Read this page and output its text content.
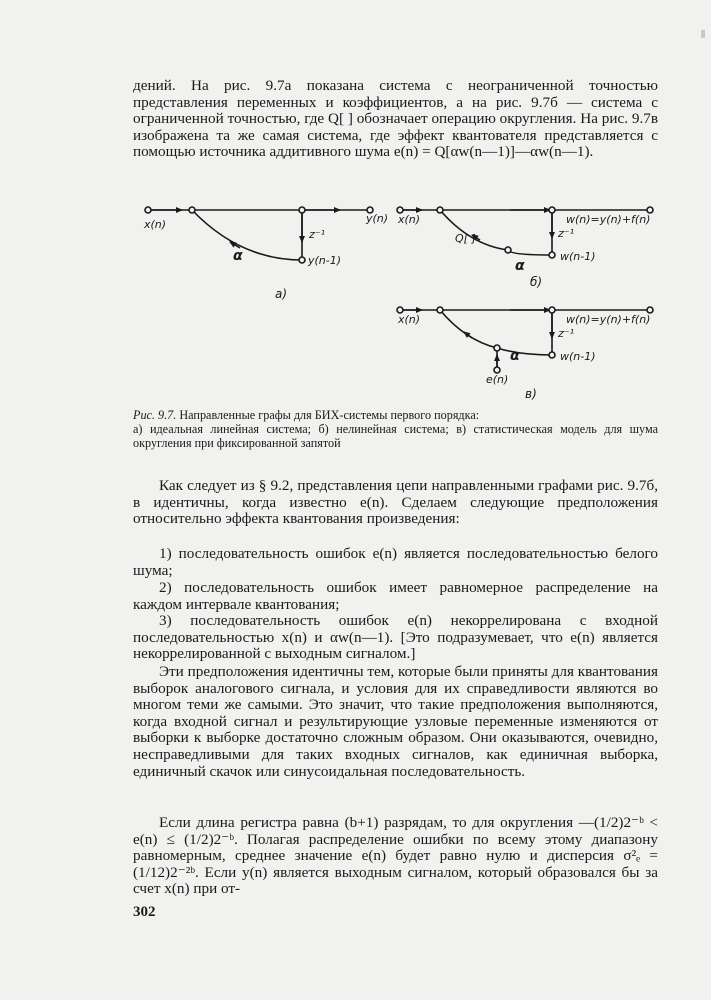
дений. На рис. 9.7а показана система с неограниченной точностью представления переменных и коэффициентов, а на рис. 9.7б — система с ограниченной точностью, где Q[ ] обозначает операцию округления. На рис. 9.7в изображена та же самая система, где эффект квантователя представляется с помощью источника аддитивного шума e(n) = Q[αw(n—1)]—αw(n—1).

x(n)	y(n)
z⁻¹
y(n-1)
α
а)
x(n)	w(n)=y(n)+f(n)
z⁻¹
w(n-1)
Q[ ]
α
б)
x(n)	w(n)=y(n)+f(n)
z⁻¹
w(n-1)
e(n)
α
в)
Рис. 9.7. Направленные графы для БИХ-системы первого порядка:
а) идеальная линейная система; б) нелинейная система; в) статистическая модель для шума округления при фиксированной запятой

Как следует из § 9.2, представления цепи направленными графами рис. 9.7б, в идентичны, когда известно e(n). Сделаем следующие предположения относительно эффекта квантования произведения:

1) последовательность ошибок e(n) является последовательностью белого шума;

2) последовательность ошибок имеет равномерное распределение на каждом интервале квантования;

3) последовательность ошибок e(n) некоррелирована с входной последовательностью x(n) и αw(n—1). [Это подразумевает, что e(n) является некоррелированной с выходным сигналом.]

Эти предположения идентичны тем, которые были приняты для квантования выборок аналогового сигнала, и условия для их справедливости являются во многом теми же самыми. Это значит, что такие предположения выполняются, когда входной сигнал и результирующие узловые переменные изменяются от выборки к выборке достаточно сложным образом. Они оказываются, очевидно, несправедливыми для таких входных сигналов, как единичная выборка, единичный скачок или синусоидальная последовательность.

Если длина регистра равна (b+1) разрядам, то для округления —(1/2)2⁻ᵇ < e(n) ≤ (1/2)2⁻ᵇ. Полагая распределение ошибки по всему этому диапазону равномерным, среднее значение e(n) будет равно нулю и дисперсия σ²ₑ = (1/12)2⁻²ᵇ. Если y(n) является выходным сигналом, который образовался бы за счет x(n) при от-

302
